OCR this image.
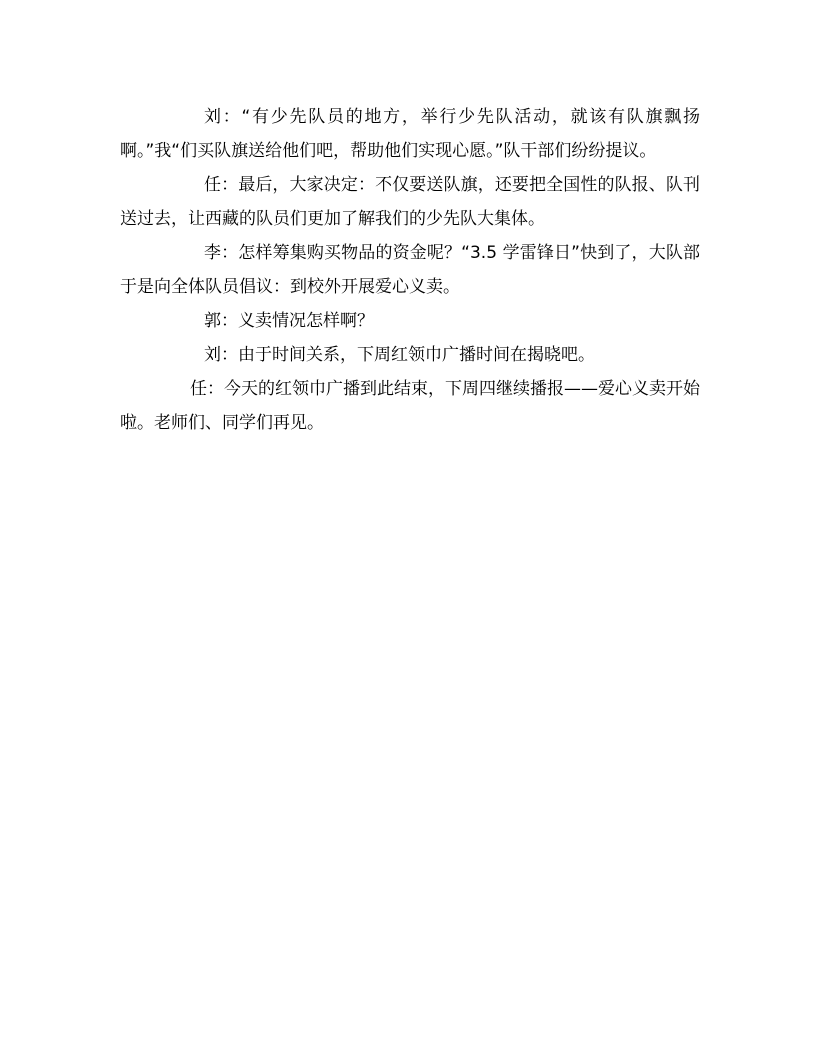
刘：“有少先队员的地方，举行少先队活动，就该有队旗飘扬啊。”我“们买队旗送给他们吧，帮助他们实现心愿。”队干部们纷纷提议。

任：最后，大家决定：不仅要送队旗，还要把全国性的队报、队刊送过去，让西藏的队员们更加了解我们的少先队大集体。

李：怎样筹集购买物品的资金呢？“3.5 学雷锋日”快到了，大队部于是向全体队员倡议：到校外开展爱心义卖。

郭：义卖情况怎样啊？

刘：由于时间关系，下周红领巾广播时间在揭晓吧。

任：今天的红领巾广播到此结束，下周四继续播报——爱心义卖开始啦。老师们、同学们再见。
